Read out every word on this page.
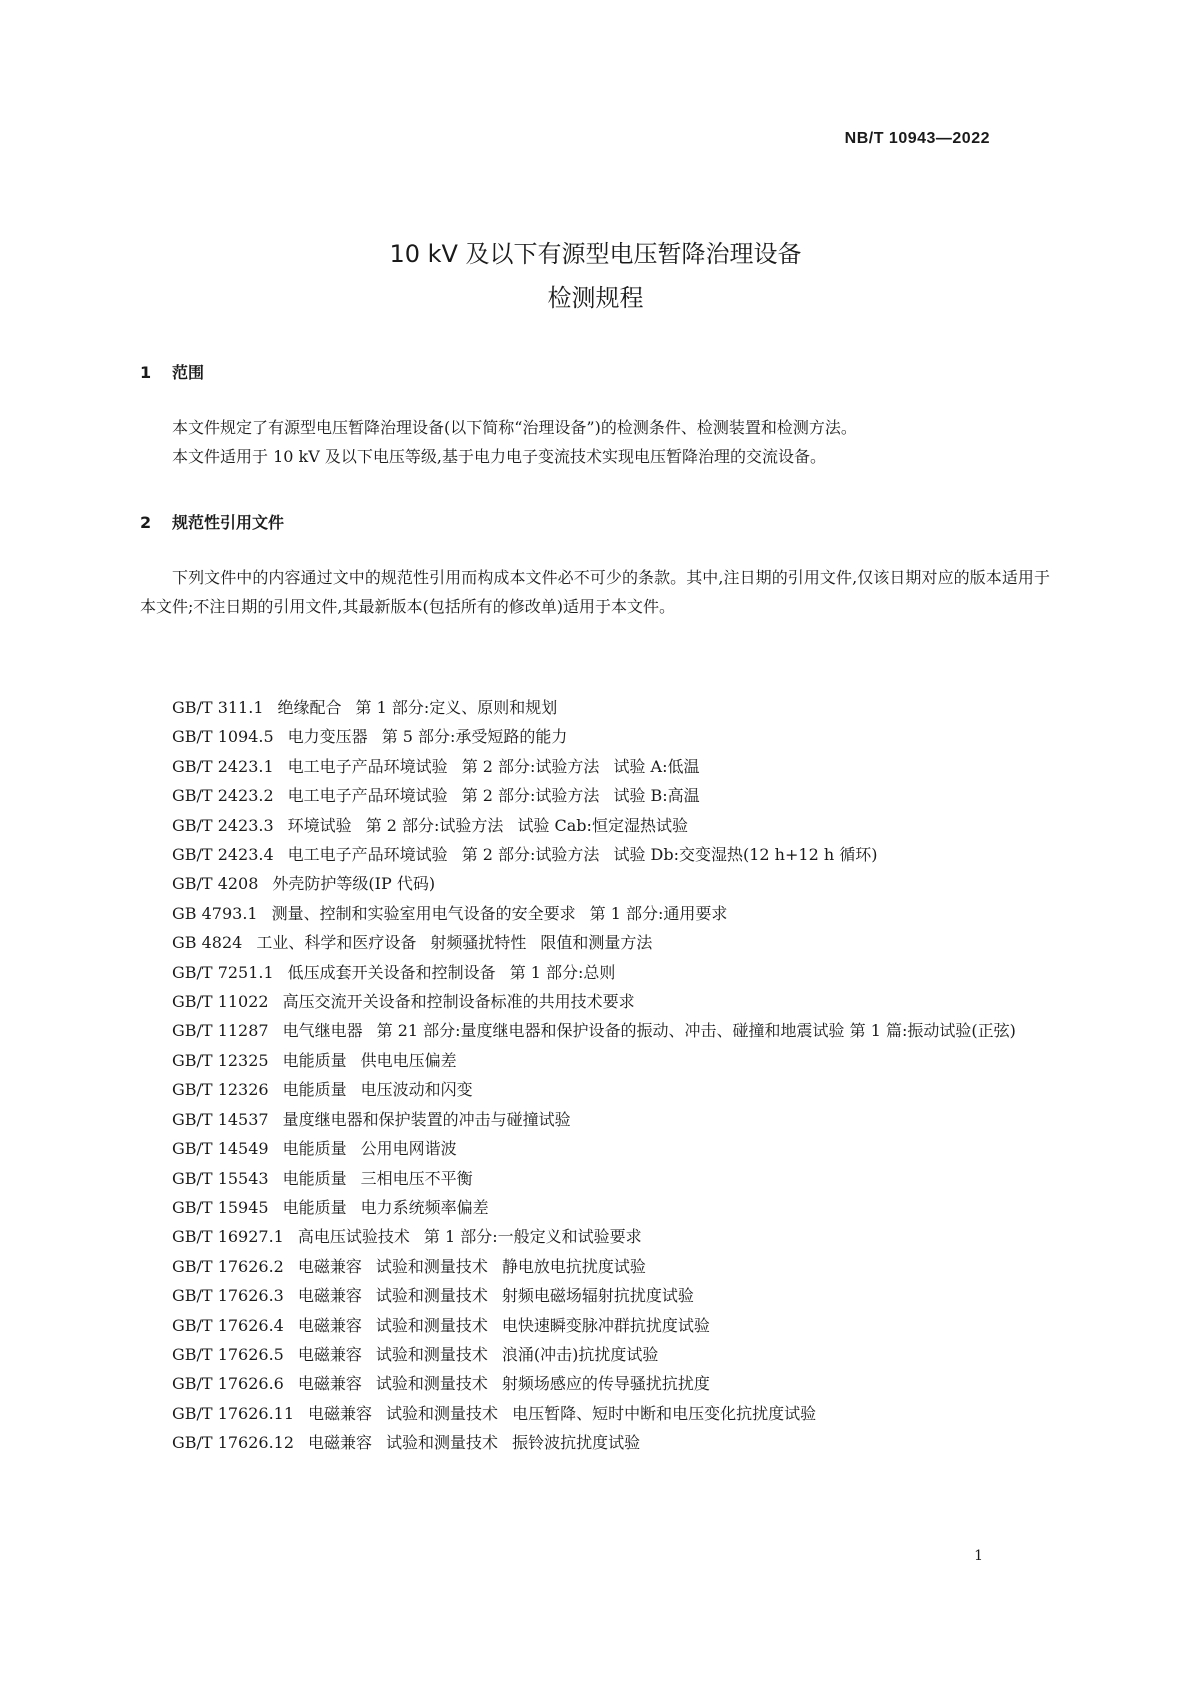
NB/T 10943—2022
10 kV 及以下有源型电压暂降治理设备
检测规程
1 范围
本文件规定了有源型电压暂降治理设备(以下简称“治理设备”)的检测条件、检测装置和检测方法。
本文件适用于 10 kV 及以下电压等级,基于电力电子变流技术实现电压暂降治理的交流设备。
2 规范性引用文件
下列文件中的内容通过文中的规范性引用而构成本文件必不可少的条款。其中,注日期的引用文件,仅该日期对应的版本适用于本文件;不注日期的引用文件,其最新版本(包括所有的修改单)适用于本文件。
GB/T 311.1 绝缘配合 第 1 部分:定义、原则和规划
GB/T 1094.5 电力变压器 第 5 部分:承受短路的能力
GB/T 2423.1 电工电子产品环境试验 第 2 部分:试验方法 试验 A:低温
GB/T 2423.2 电工电子产品环境试验 第 2 部分:试验方法 试验 B:高温
GB/T 2423.3 环境试验 第 2 部分:试验方法 试验 Cab:恒定湿热试验
GB/T 2423.4 电工电子产品环境试验 第 2 部分:试验方法 试验 Db:交变湿热(12 h+12 h 循环)
GB/T 4208 外壳防护等级(IP 代码)
GB 4793.1 测量、控制和实验室用电气设备的安全要求 第 1 部分:通用要求
GB 4824 工业、科学和医疗设备 射频骚扰特性 限值和测量方法
GB/T 7251.1 低压成套开关设备和控制设备 第 1 部分:总则
GB/T 11022 高压交流开关设备和控制设备标准的共用技术要求
GB/T 11287 电气继电器 第 21 部分:量度继电器和保护设备的振动、冲击、碰撞和地震试验 第 1 篇:振动试验(正弦)
GB/T 12325 电能质量 供电电压偏差
GB/T 12326 电能质量 电压波动和闪变
GB/T 14537 量度继电器和保护装置的冲击与碰撞试验
GB/T 14549 电能质量 公用电网谐波
GB/T 15543 电能质量 三相电压不平衡
GB/T 15945 电能质量 电力系统频率偏差
GB/T 16927.1 高电压试验技术 第 1 部分:一般定义和试验要求
GB/T 17626.2 电磁兼容 试验和测量技术 静电放电抗扰度试验
GB/T 17626.3 电磁兼容 试验和测量技术 射频电磁场辐射抗扰度试验
GB/T 17626.4 电磁兼容 试验和测量技术 电快速瞬变脉冲群抗扰度试验
GB/T 17626.5 电磁兼容 试验和测量技术 浪涌(冲击)抗扰度试验
GB/T 17626.6 电磁兼容 试验和测量技术 射频场感应的传导骚扰抗扰度
GB/T 17626.11 电磁兼容 试验和测量技术 电压暂降、短时中断和电压变化抗扰度试验
GB/T 17626.12 电磁兼容 试验和测量技术 振铃波抗扰度试验
1
